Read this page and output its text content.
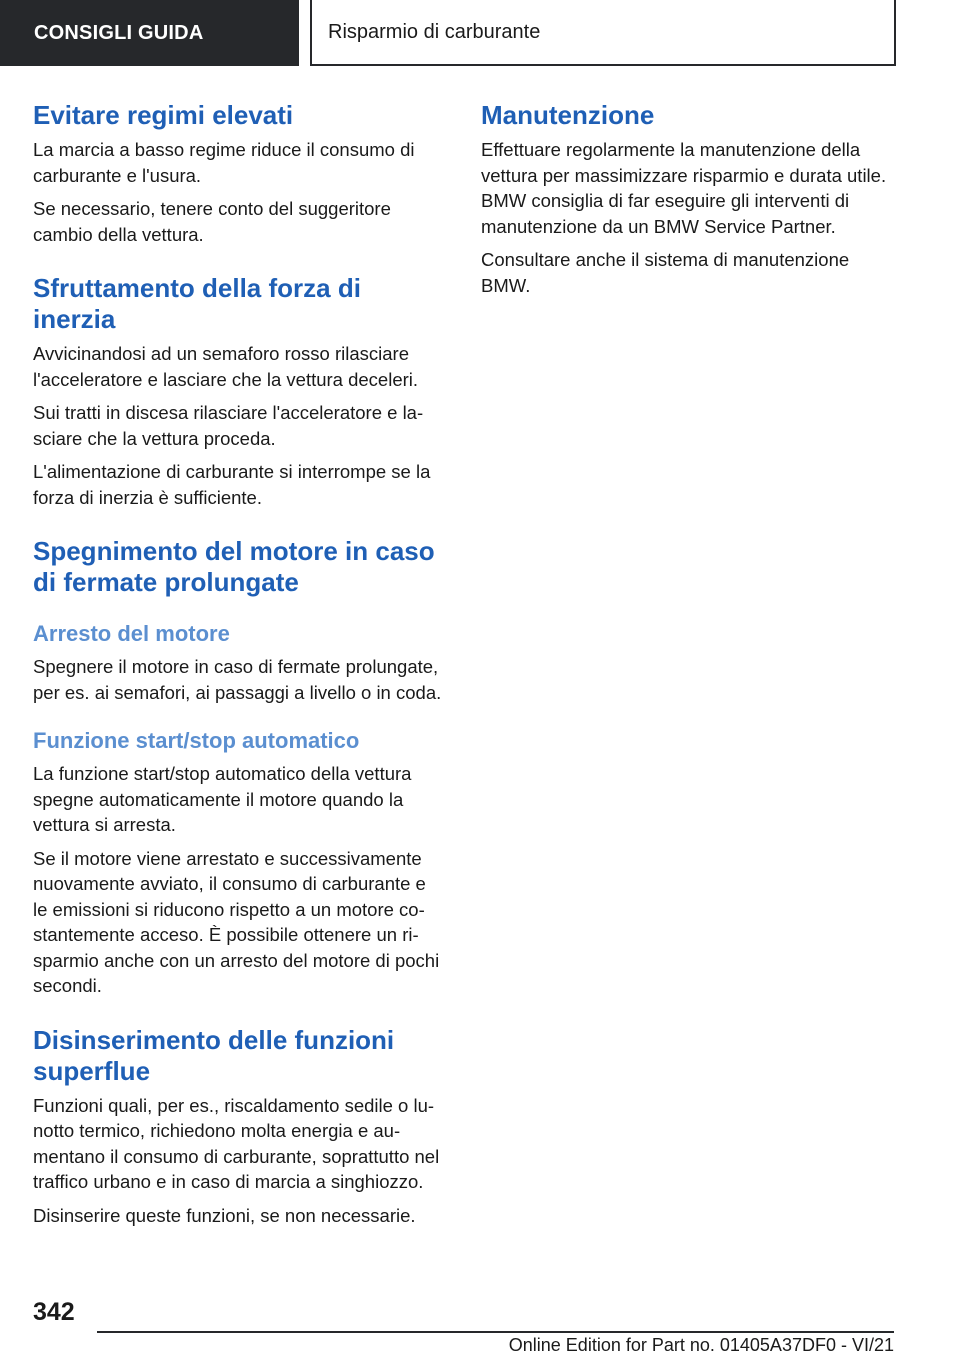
CONSIGLI GUIDA	Risparmio di carburante
Evitare regimi elevati

La marcia a basso regime riduce il consumo di carburante e l'usura.

Se necessario, tenere conto del suggeritore cambio della vettura.

Sfruttamento della forza di inerzia

Avvicinandosi ad un semaforo rosso rilasciare l'acceleratore e lasciare che la vettura deceleri.

Sui tratti in discesa rilasciare l'acceleratore e lasciare che la vettura proceda.

L'alimentazione di carburante si interrompe se la forza di inerzia è sufficiente.

Spegnimento del motore in caso di fermate prolungate
Arresto del motore

Spegnere il motore in caso di fermate prolungate, per es. ai semafori, ai passaggi a livello o in coda.

Funzione start/stop automatico

La funzione start/stop automatico della vettura spegne automaticamente il motore quando la vettura si arresta.

Se il motore viene arrestato e successivamente nuovamente avviato, il consumo di carburante e le emissioni si riducono rispetto a un motore costantemente acceso. È possibile ottenere un risparmio anche con un arresto del motore di pochi secondi.

Disinserimento delle funzioni superflue

Funzioni quali, per es., riscaldamento sedile o lunotto termico, richiedono molta energia e aumentano il consumo di carburante, soprattutto nel traffico urbano e in caso di marcia a singhiozzo.

Disinserire queste funzioni, se non necessarie.

Manutenzione

Effettuare regolarmente la manutenzione della vettura per massimizzare risparmio e durata utile. BMW consiglia di far eseguire gli interventi di manutenzione da un BMW Service Partner.

Consultare anche il sistema di manutenzione BMW.

342
Online Edition for Part no. 01405A37DF0 - VI/21
